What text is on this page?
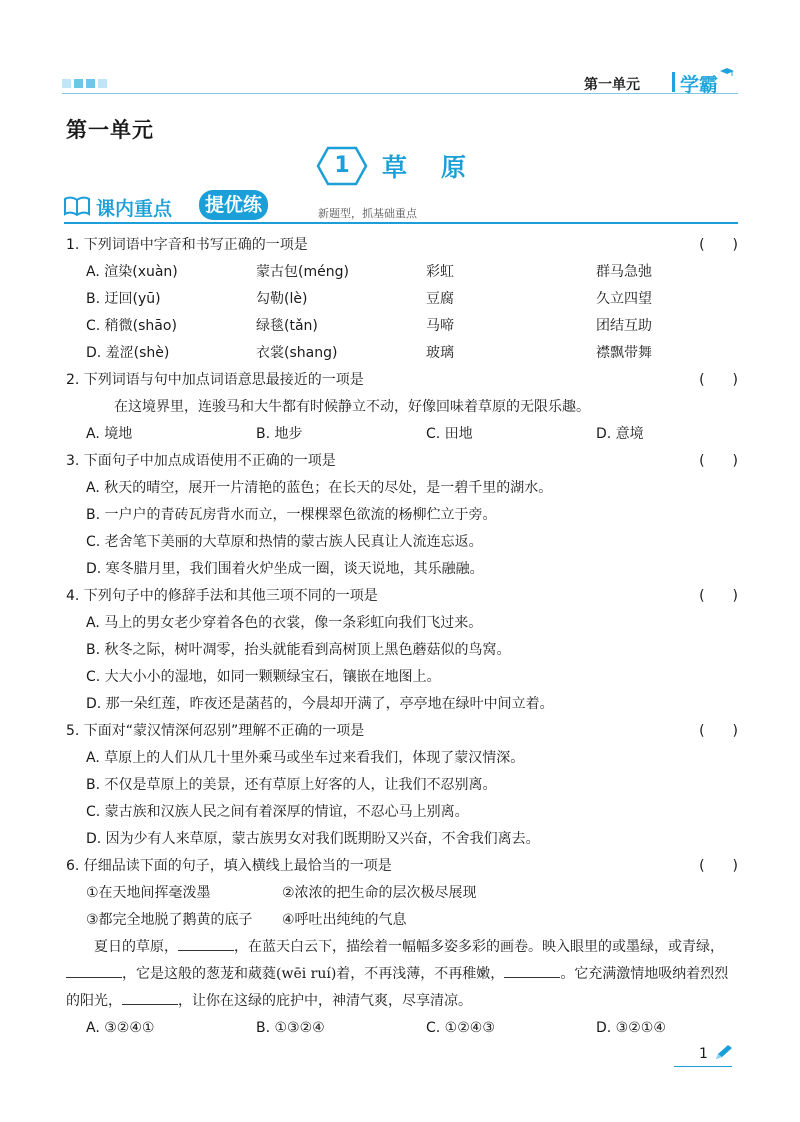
第一单元 学霸
第一单元
1	草原
课内重点	提优练	新题型，抓基础重点
1. 下列词语中字音和书写正确的一项是	(　　)
A. 渲染(xuàn)	蒙古包(méng)	彩虹	群马急弛
B. 迂回(yū)	勾勒(lè)	豆腐	久立四望
C. 稍微(shāo)	绿毯(tǎn)	马啼	团结互助
D. 羞涩(shè)	衣裳(shang)	玻璃	襟飘带舞
2. 下列词语与句中加点词语意思最接近的一项是	(　　)
在这境界里，连骏马和大牛都有时候静立不动，好像回味着草原的无限乐趣。
A. 境地	B. 地步	C. 田地	D. 意境
3. 下面句子中加点成语使用不正确的一项是	(　　)
A. 秋天的晴空，展开一片清艳的蓝色；在长天的尽处，是一碧千里的湖水。
B. 一户户的青砖瓦房背水而立，一棵棵翠色欲流的杨柳伫立于旁。
C. 老舍笔下美丽的大草原和热情的蒙古族人民真让人流连忘返。
D. 寒冬腊月里，我们围着火炉坐成一圈，谈天说地，其乐融融。
4. 下列句子中的修辞手法和其他三项不同的一项是	(　　)
A. 马上的男女老少穿着各色的衣裳，像一条彩虹向我们飞过来。
B. 秋冬之际，树叶凋零，抬头就能看到高树顶上黑色蘑菇似的鸟窝。
C. 大大小小的湿地，如同一颗颗绿宝石，镶嵌在地图上。
D. 那一朵红莲，昨夜还是菡萏的，今晨却开满了，亭亭地在绿叶中间立着。
5. 下面对“蒙汉情深何忍别”理解不正确的一项是	(　　)
A. 草原上的人们从几十里外乘马或坐车过来看我们，体现了蒙汉情深。
B. 不仅是草原上的美景，还有草原上好客的人，让我们不忍别离。
C. 蒙古族和汉族人民之间有着深厚的情谊，不忍心马上别离。
D. 因为少有人来草原，蒙古族男女对我们既期盼又兴奋，不舍我们离去。
6. 仔细品读下面的句子，填入横线上最恰当的一项是	(　　)
①在天地间挥毫泼墨	②浓浓的把生命的层次极尽展现
③都完全地脱了鹅黄的底子	④呼吐出纯纯的气息
夏日的草原，	，在蓝天白云下，描绘着一幅幅多姿多彩的画卷。映入眼里的或墨绿，或青绿，，它是这般的葱茏和葳蕤(wēi ruí)着，不再浅薄，不再稚嫩，	。它充满激情地吸纳着烈烈的阳光，	，让你在这绿的庇护中，神清气爽，尽享清凉。
A. ③②④①	B. ①③②④	C. ①②④③	D. ③②①④
1
